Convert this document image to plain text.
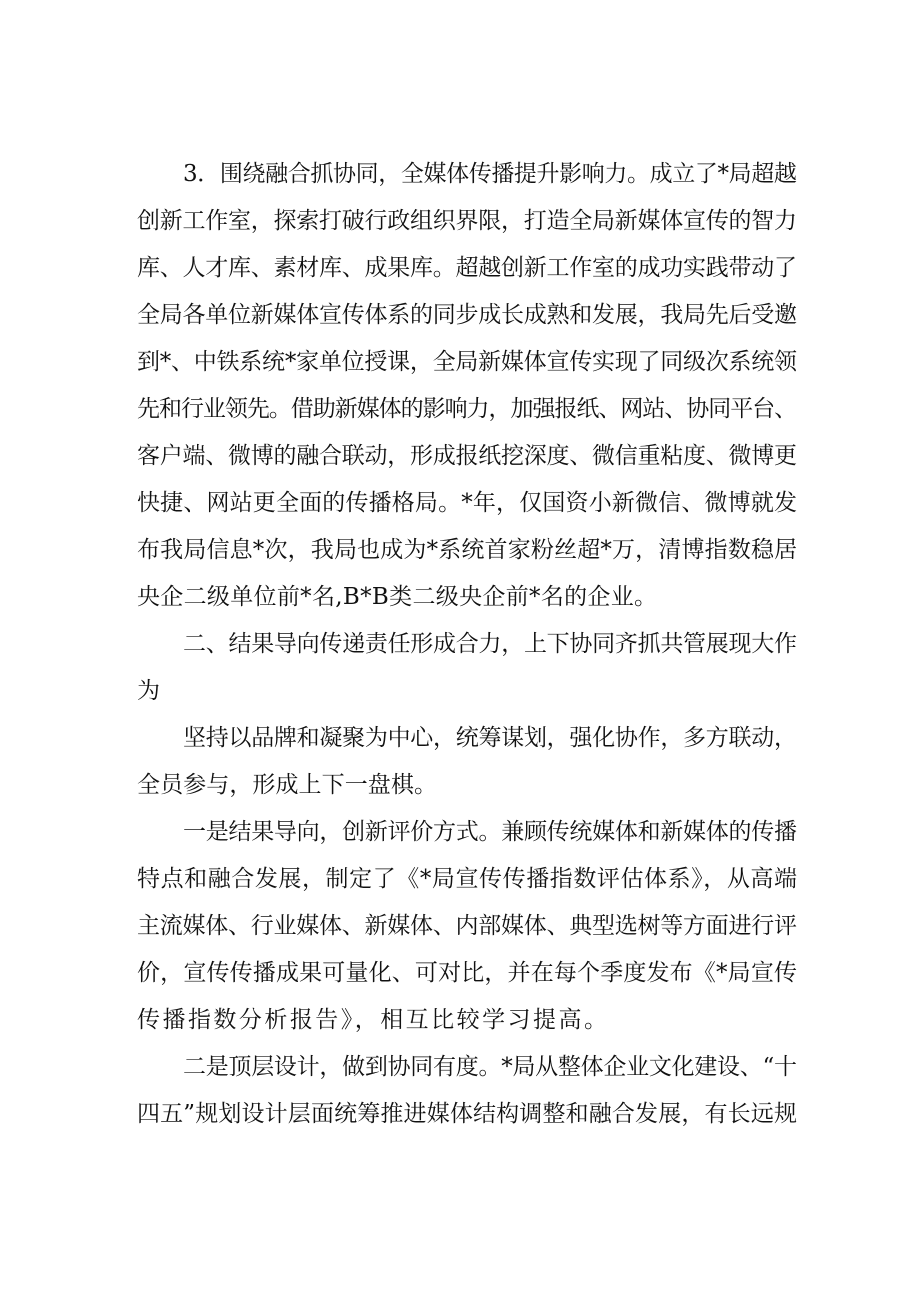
3．围绕融合抓协同，全媒体传播提升影响力。成立了*局超越
创新工作室，探索打破行政组织界限，打造全局新媒体宣传的智力
库、人才库、素材库、成果库。超越创新工作室的成功实践带动了
全局各单位新媒体宣传体系的同步成长成熟和发展，我局先后受邀
到*、中铁系统*家单位授课，全局新媒体宣传实现了同级次系统领
先和行业领先。借助新媒体的影响力，加强报纸、网站、协同平台、
客户端、微博的融合联动，形成报纸挖深度、微信重粘度、微博更
快捷、网站更全面的传播格局。*年，仅国资小新微信、微博就发
布我局信息*次，我局也成为*系统首家粉丝超*万，清博指数稳居
央企二级单位前*名,B*B类二级央企前*名的企业。
二、结果导向传递责任形成合力，上下协同齐抓共管展现大作
为
坚持以品牌和凝聚为中心，统筹谋划，强化协作，多方联动，
全员参与，形成上下一盘棋。
一是结果导向，创新评价方式。兼顾传统媒体和新媒体的传播
特点和融合发展，制定了《*局宣传传播指数评估体系》，从高端
主流媒体、行业媒体、新媒体、内部媒体、典型选树等方面进行评
价，宣传传播成果可量化、可对比，并在每个季度发布《*局宣传
传播指数分析报告》，相互比较学习提高。
二是顶层设计，做到协同有度。*局从整体企业文化建设、“十
四五”规划设计层面统筹推进媒体结构调整和融合发展，有长远规
